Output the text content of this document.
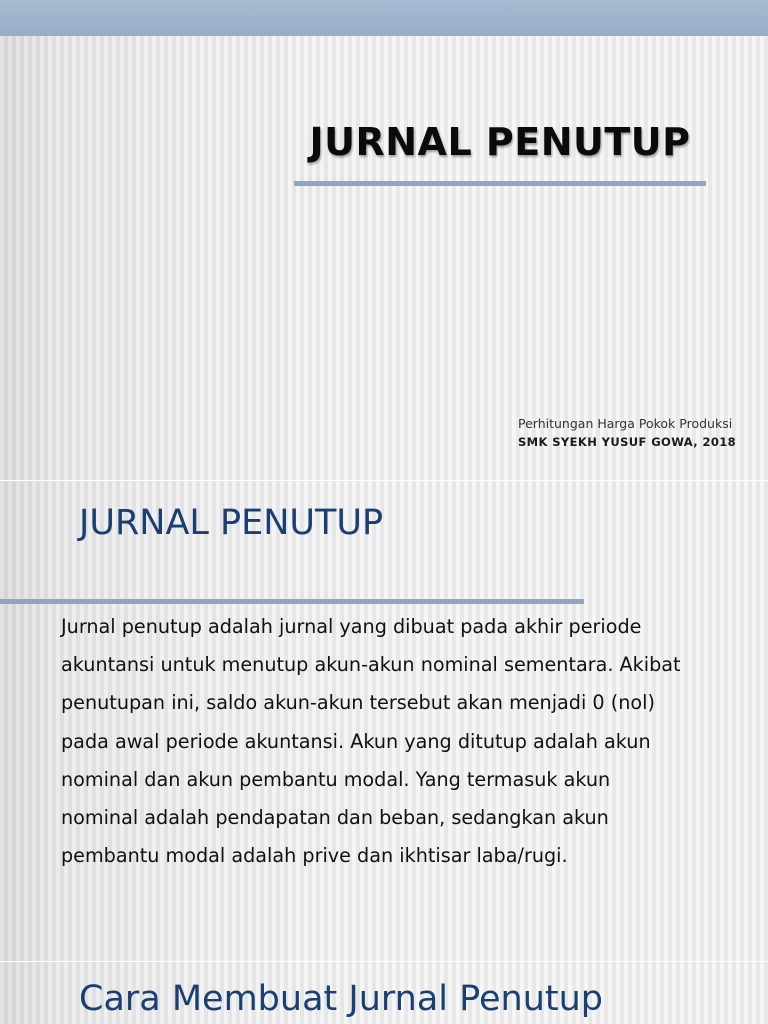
JURNAL PENUTUP
Perhitungan Harga Pokok Produksi
SMK SYEKH YUSUF GOWA, 2018
JURNAL PENUTUP
Jurnal penutup adalah jurnal yang dibuat pada akhir periode
akuntansi untuk menutup akun-akun nominal sementara. Akibat
penutupan ini, saldo akun-akun tersebut akan menjadi 0 (nol)
pada awal periode akuntansi. Akun yang ditutup adalah akun
nominal dan akun pembantu modal. Yang termasuk akun
nominal adalah pendapatan dan beban, sedangkan akun
pembantu modal adalah prive dan ikhtisar laba/rugi.
Cara Membuat Jurnal Penutup
